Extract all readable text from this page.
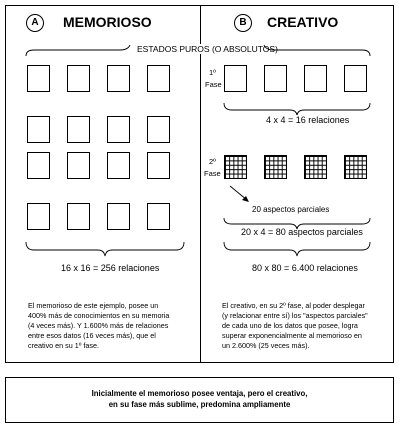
A	MEMORIOSO	B	CREATIVO
ESTADOS PUROS (O ABSOLUTOS)
1º
Fase
4 x 4 = 16 relaciones
2º
Fase
20 aspectos parciales
20 x 4 = 80 aspectos parciales
80 x 80 = 6.400 relaciones
16 x 16 = 256 relaciones
El memorioso de este ejemplo, posee un
400% más de conocimientos en su memoria
(4 veces más). Y 1.600% más de relaciones
entre esos datos (16 veces más), que el
creativo en su 1º fase.
El creativo, en su 2º fase, al poder desplegar
(y relacionar entre sí) los "aspectos parciales"
de cada uno de los datos que posee, logra
superar exponencialmente al memorioso en
un 2.600% (25 veces más).
Inicialmente el memorioso posee ventaja, pero el creativo,
en su fase más sublime, predomina ampliamente
